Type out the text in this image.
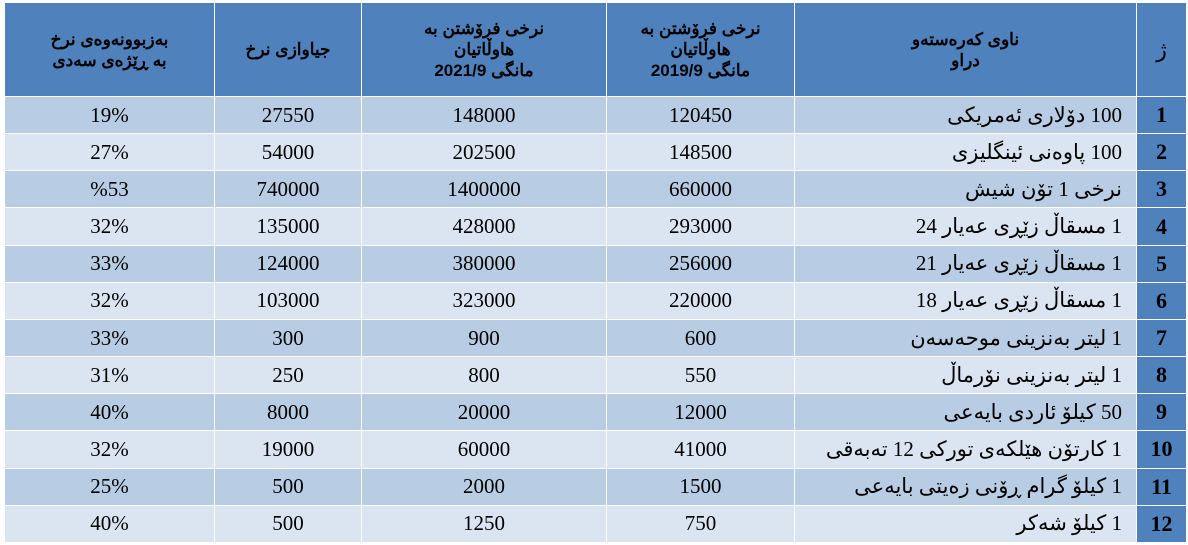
بەزبوونەوەی نرخ
بە ڕێژەی سەدی	جیاوازی نرخ	نرخی فرۆشتن بە
هاوڵاتیان
مانگی 2021/9	نرخی فرۆشتن بە
هاوڵاتیان
مانگی 2019/9	ناوی کەرەستەو
دراو	ژ
19%	27550	148000	120450	100 دۆلاری ئەمریکی	1
27%	54000	202500	148500	100 پاوەنی ئینگلیزی	2
%53	740000	1400000	660000	نرخی 1 تۆن شیش	3
32%	135000	428000	293000	1 مسقاڵ زێڕی عەیار 24	4
33%	124000	380000	256000	1 مسقاڵ زێڕی عەیار 21	5
32%	103000	323000	220000	1 مسقاڵ زێڕی عەیار 18	6
33%	300	900	600	1 لیتر بەنزینی موحەسەن	7
31%	250	800	550	1 لیتر بەنزینی نۆرماڵ	8
40%	8000	20000	12000	50 کیلۆ ئاردی بایەعی	9
32%	19000	60000	41000	1 کارتۆن هێلکەی تورکی 12 تەبەقی	10
25%	500	2000	1500	1 کیلۆ گرام ڕۆنی زەیتی بایەعی	11
40%	500	1250	750	1 کیلۆ شەکر	12
